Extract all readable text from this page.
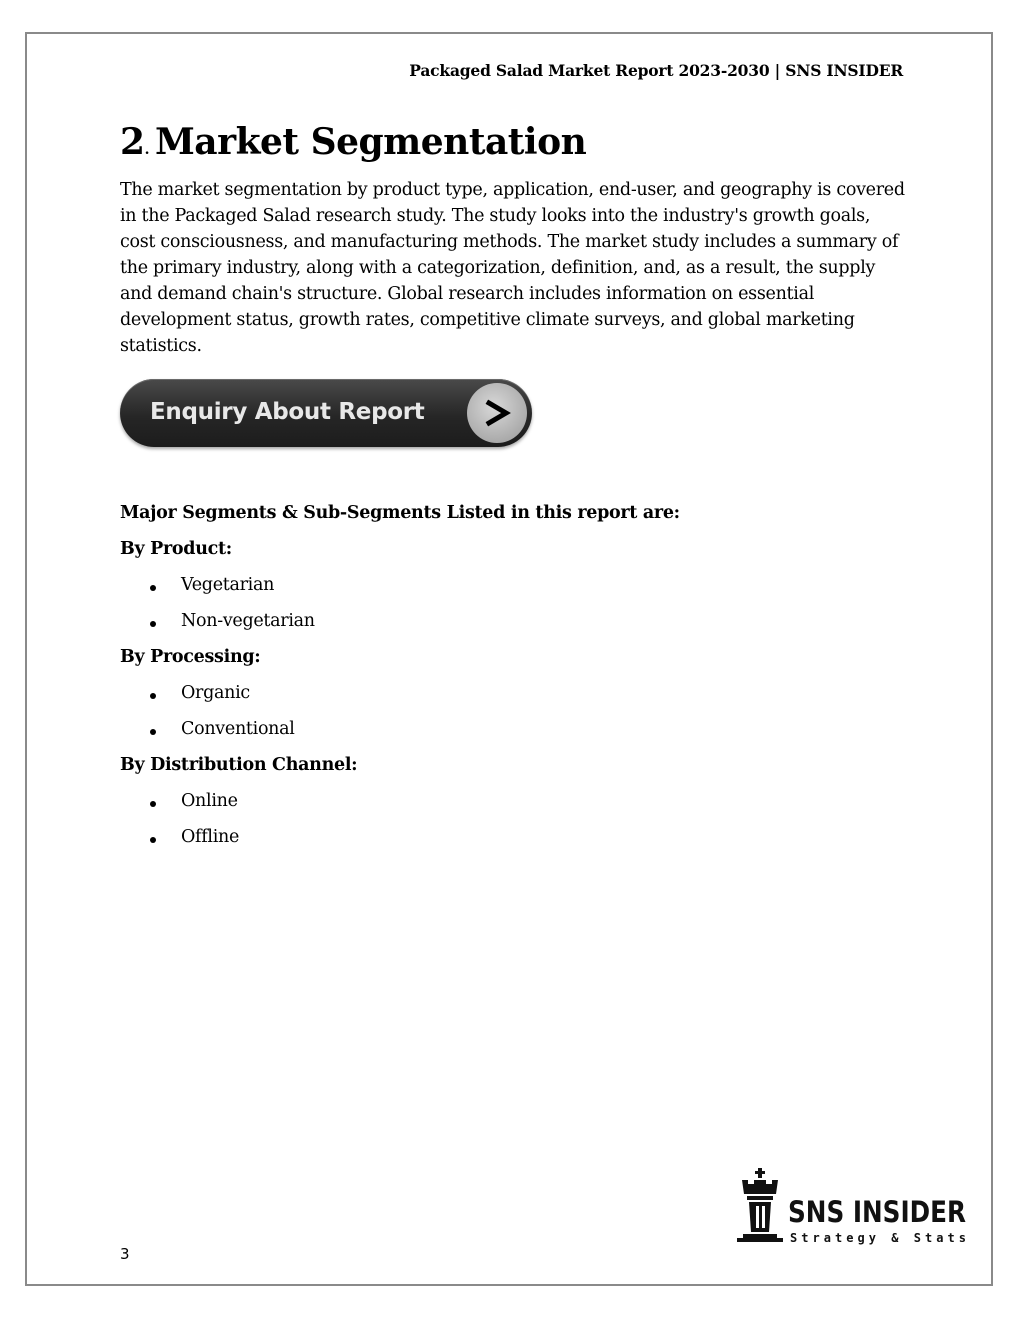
Packaged Salad Market Report 2023-2030 | SNS INSIDER
2. Market Segmentation

The market segmentation by product type, application, end-user, and geography is covered in the Packaged Salad research study. The study looks into the industry's growth goals, cost consciousness, and manufacturing methods. The market study includes a summary of the primary industry, along with a categorization, definition, and, as a result, the supply and demand chain's structure. Global research includes information on essential development status, growth rates, competitive climate surveys, and global marketing statistics.

Enquiry About Report
Major Segments & Sub-Segments Listed in this report are:
By Product:
Vegetarian
Non-vegetarian
By Processing:
Organic
Conventional
By Distribution Channel:
Online
Offline
SNS INSIDER
Strategy & Stats
3
